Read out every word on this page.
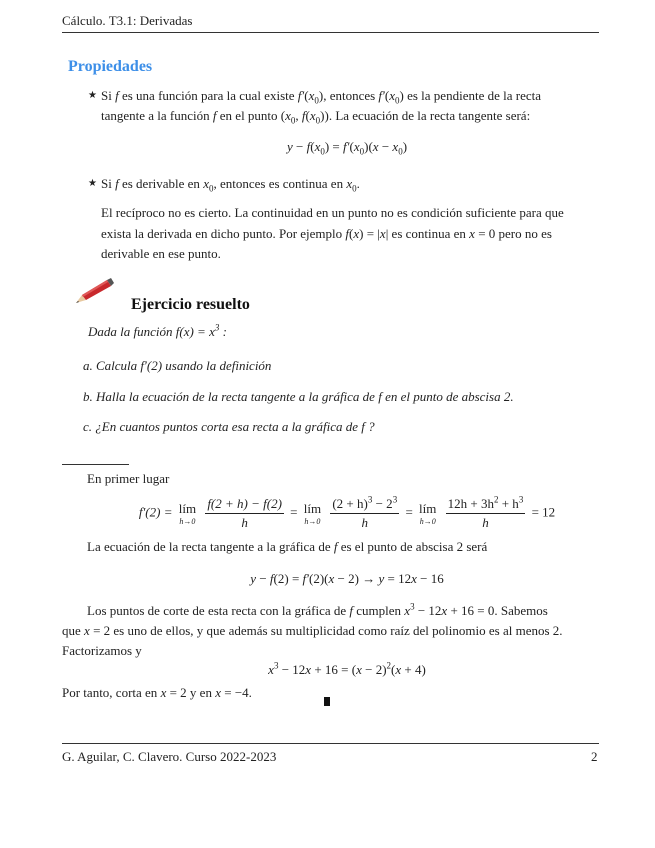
Cálculo. T3.1: Derivadas
Propiedades
★ Si f es una función para la cual existe $f'(x_0)$, entonces $f'(x_0)$ es la pendiente de la recta
tangente a la función f en el punto ($x_0$, $f(x_0)$). La ecuación de la recta tangente será:
$y - f(x_0) = f'(x_0)(x - x_0)$
★ Si f es derivable en $x_0$, entonces es continua en $x_0$.
El recíproco no es cierto. La continuidad en un punto no es condición suficiente para que
exista la derivada en dicho punto. Por ejemplo f(x) = |x| es continua en x = 0 pero no es
derivable en ese punto.
Ejercicio resuelto
Dada la función $f(x) = x^3$ :
a. Calcula f′(2) usando la definición
b. Halla la ecuación de la recta tangente a la gráfica de f en el punto de abscisa 2.
c. ¿En cuantos puntos corta esa recta a la gráfica de f ?
En primer lugar
f′(2) = lím
h→0
$\frac{f(2 + h) - f(2)}{h}$ = lím
h→0
$\frac{(2 + h)^3 - 2^3}{h}$ = lím
h→0
$\frac{12h + 3h^2 + h^3}{h} = 12$
La ecuación de la recta tangente a la gráfica de f es el punto de abscisa 2 será
y − f(2) = f′(2)(x − 2) → y = 12x − 16
Los puntos de corte de esta recta con la gráfica de f cumplen $x^3 - 12x + 16 = 0$. Sabemos
que x = 2 es uno de ellos, y que además su multiplicidad como raíz del polinomio es al menos 2.
Factorizamos y
$x^3 - 12x + 16 = (x - 2)^2(x + 4)$
Por tanto, corta en x = 2 y en x = −4.
G. Aguilar, C. Clavero. Curso 2022-2023	2
